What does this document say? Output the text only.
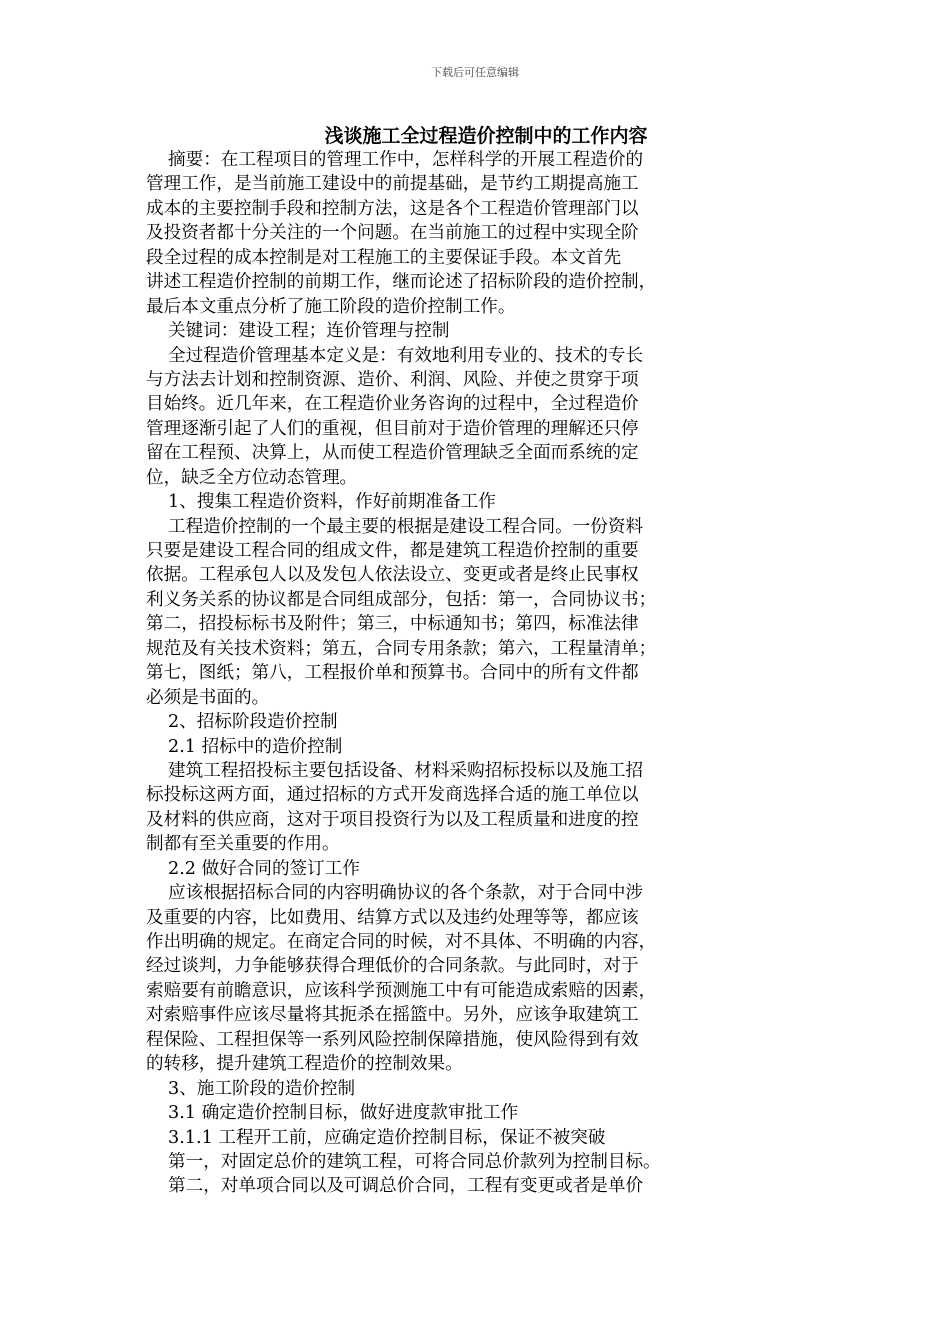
下载后可任意编辑
浅谈施工全过程造价控制中的工作内容
摘要：在工程项目的管理工作中，怎样科学的开展工程造价的
管理工作，是当前施工建设中的前提基础，是节约工期提高施工
成本的主要控制手段和控制方法，这是各个工程造价管理部门以
及投资者都十分关注的一个问题。在当前施工的过程中实现全阶
段全过程的成本控制是对工程施工的主要保证手段。本文首先
讲述工程造价控制的前期工作，继而论述了招标阶段的造价控制，
最后本文重点分析了施工阶段的造价控制工作。
关键词：建设工程；连价管理与控制
全过程造价管理基本定义是：有效地利用专业的、技术的专长
与方法去计划和控制资源、造价、利润、风险、并使之贯穿于项
目始终。近几年来，在工程造价业务咨询的过程中，全过程造价
管理逐渐引起了人们的重视，但目前对于造价管理的理解还只停
留在工程预、决算上，从而使工程造价管理缺乏全面而系统的定
位，缺乏全方位动态管理。
1、搜集工程造价资料，作好前期准备工作
工程造价控制的一个最主要的根据是建设工程合同。一份资料
只要是建设工程合同的组成文件，都是建筑工程造价控制的重要
依据。工程承包人以及发包人依法设立、变更或者是终止民事权
利义务关系的协议都是合同组成部分，包括：第一，合同协议书；
第二，招投标标书及附件；第三，中标通知书；第四，标准法律
规范及有关技术资料；第五，合同专用条款；第六，工程量清单；
第七，图纸；第八，工程报价单和预算书。合同中的所有文件都
必须是书面的。
2、招标阶段造价控制
2.1 招标中的造价控制
建筑工程招投标主要包括设备、材料采购招标投标以及施工招
标投标这两方面，通过招标的方式开发商选择合适的施工单位以
及材料的供应商，这对于项目投资行为以及工程质量和进度的控
制都有至关重要的作用。
2.2 做好合同的签订工作
应该根据招标合同的内容明确协议的各个条款，对于合同中涉
及重要的内容，比如费用、结算方式以及违约处理等等，都应该
作出明确的规定。在商定合同的时候，对不具体、不明确的内容，
经过谈判，力争能够获得合理低价的合同条款。与此同时，对于
索赔要有前瞻意识，应该科学预测施工中有可能造成索赔的因素，
对索赔事件应该尽量将其扼杀在摇篮中。另外，应该争取建筑工
程保险、工程担保等一系列风险控制保障措施，使风险得到有效
的转移，提升建筑工程造价的控制效果。
3、施工阶段的造价控制
3.1 确定造价控制目标，做好进度款审批工作
3.1.1 工程开工前，应确定造价控制目标，保证不被突破
第一，对固定总价的建筑工程，可将合同总价款列为控制目标。
第二，对单项合同以及可调总价合同，工程有变更或者是单价
